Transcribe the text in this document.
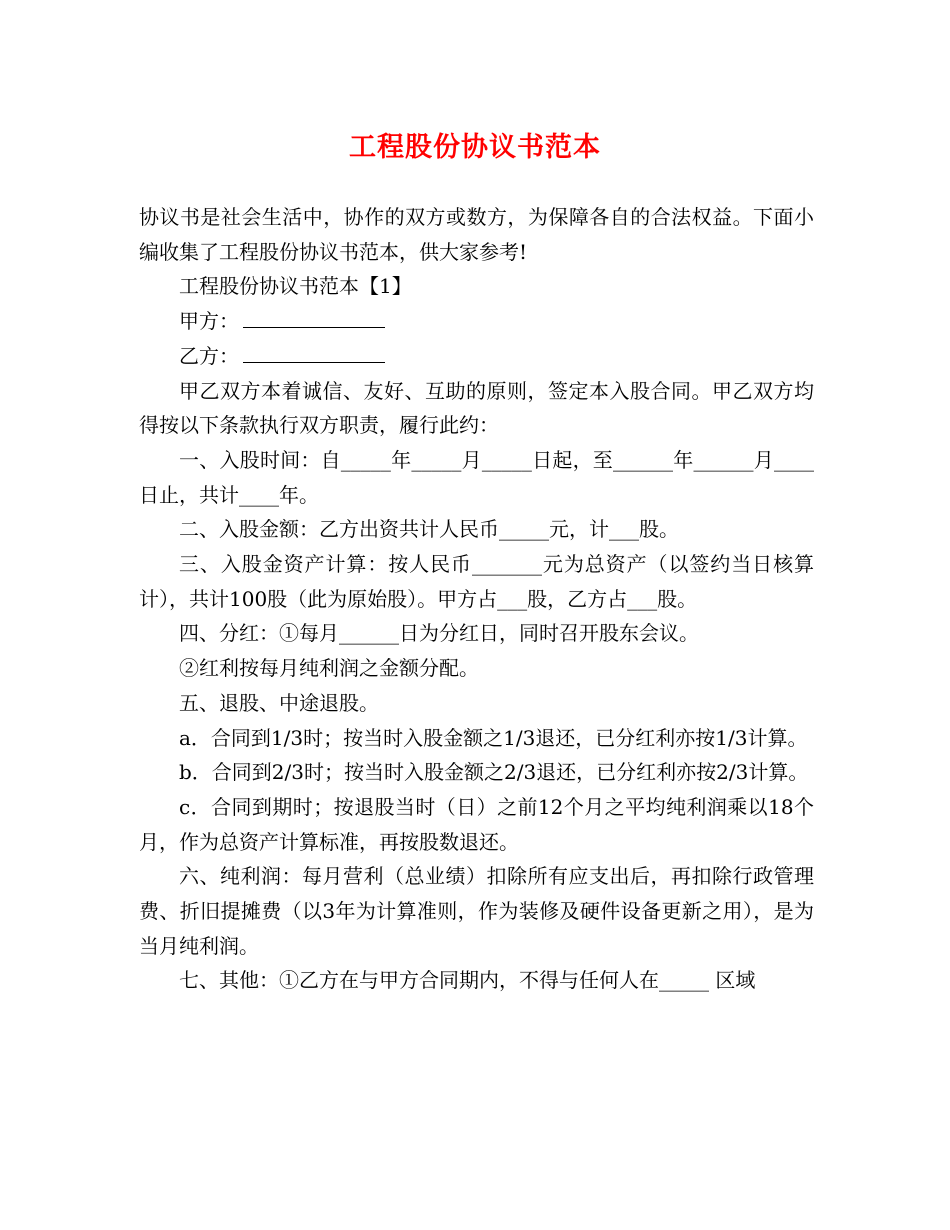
工程股份协议书范本

协议书是社会生活中，协作的双方或数方，为保障各自的合法权益。下面小编收集了工程股份协议书范本，供大家参考!

工程股份协议书范本【1】

甲方：

乙方：

甲乙双方本着诚信、友好、互助的原则，签定本入股合同。甲乙双方均得按以下条款执行双方职责，履行此约：

一、入股时间：自_____年_____月_____日起，至______年______月____日止，共计____年。

二、入股金额：乙方出资共计人民币_____元，计___股。

三、入股金资产计算：按人民币_______元为总资产（以签约当日核算计），共计100股（此为原始股）。甲方占___股，乙方占___股。

四、分红：①每月______日为分红日，同时召开股东会议。

②红利按每月纯利润之金额分配。

五、退股、中途退股。

a．合同到1/3时；按当时入股金额之1/3退还，已分红利亦按1/3计算。

b．合同到2/3时；按当时入股金额之2/3退还，已分红利亦按2/3计算。

c．合同到期时；按退股当时（日）之前12个月之平均纯利润乘以18个月，作为总资产计算标准，再按股数退还。

六、纯利润：每月营利（总业绩）扣除所有应支出后，再扣除行政管理费、折旧提摊费（以3年为计算准则，作为装修及硬件设备更新之用），是为当月纯利润。

七、其他：①乙方在与甲方合同期内，不得与任何人在_____ 区域
